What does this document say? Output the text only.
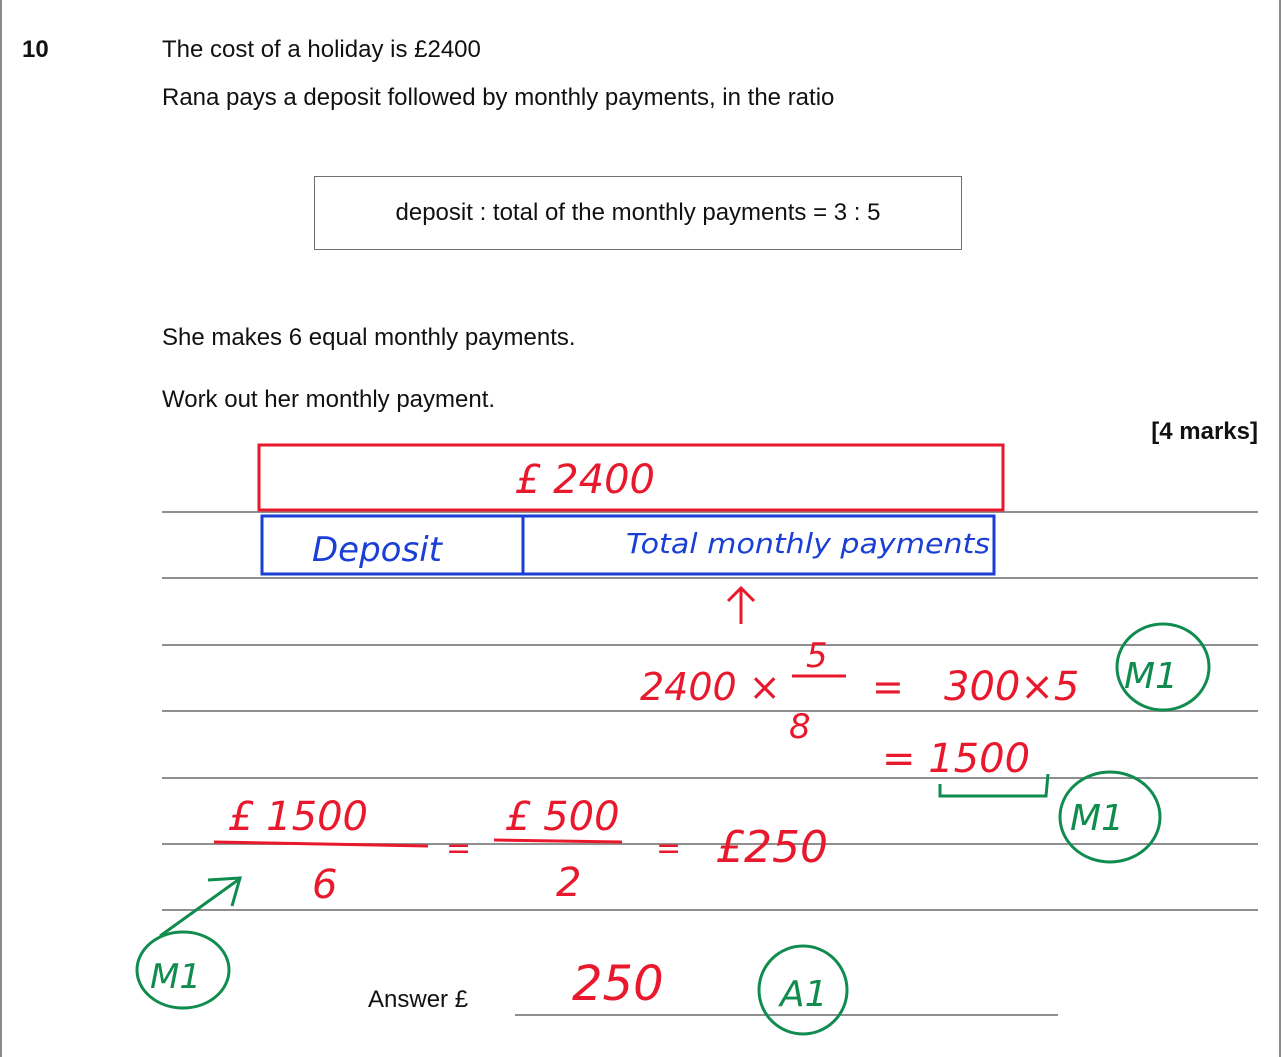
10	The cost of a holiday is £2400
Rana pays a deposit followed by monthly payments, in the ratio
deposit : total of the monthly payments = 3 : 5
She makes 6 equal monthly payments.
Work out her monthly payment.
[4 marks]
Answer £
£ 2400
Deposit	Total monthly payments
2400 ×
5
8
= 300×5
= 1500
M1
M1
£ 1500
6
=
£ 500
2
= £250
M1	250	A1
